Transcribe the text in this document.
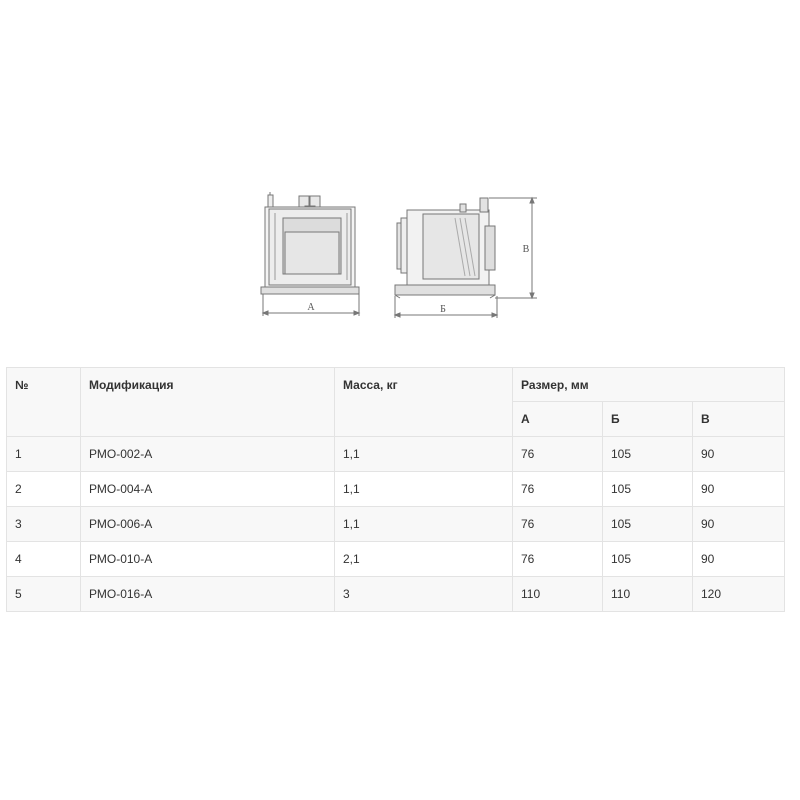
А	Б
В
№	Модификация	Масса, кг	Размер, мм		
			А	Б	В
1	РМО-002-А	1,1	76	105	90
2	РМО-004-А	1,1	76	105	90
3	РМО-006-А	1,1	76	105	90
4	РМО-010-А	2,1	76	105	90
5	РМО-016-А	3	110	110	120
